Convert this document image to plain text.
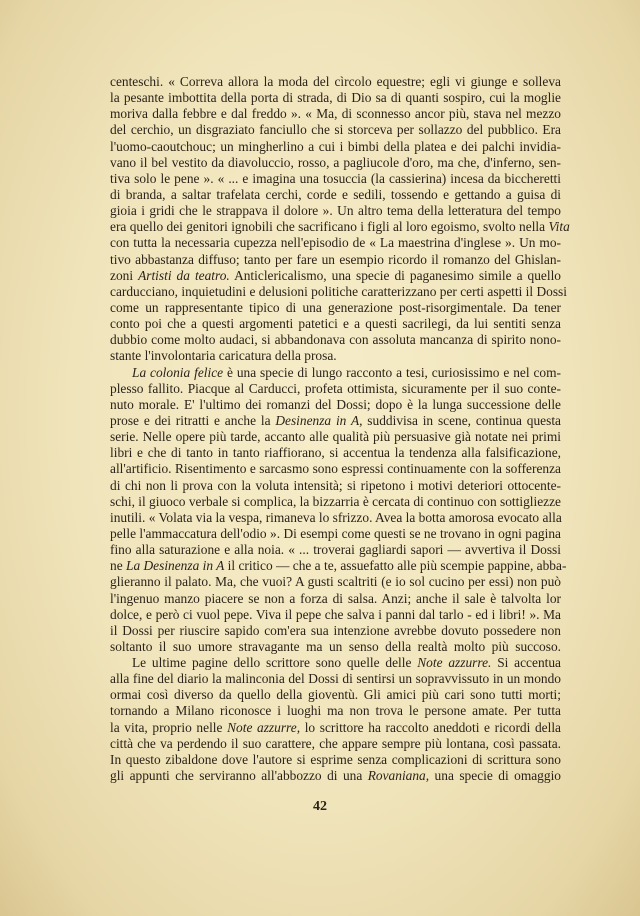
centeschi. « Correva allora la moda del cìrcolo equestre; egli vi giunge e solleva
la pesante imbottita della porta di strada, di Dio sa di quanti sospiro, cui la moglie
moriva dalla febbre e dal freddo ». « Ma, di sconnesso ancor più, stava nel mezzo
del cerchio, un disgraziato fanciullo che si storceva per sollazzo del pubblico. Era
l'uomo-caoutchouc; un mingherlino a cui i bimbi della platea e dei palchi invidia-
vano il bel vestito da diavoluccio, rosso, a pagliucole d'oro, ma che, d'inferno, sen-
tiva solo le pene ». « ... e imagina una tosuccia (la cassierina) incesa da biccheretti
di branda, a saltar trafelata cerchi, corde e sedili, tossendo e gettando a guisa di
gioia i gridi che le strappava il dolore ». Un altro tema della letteratura del tempo
era quello dei genitori ignobili che sacrificano i figli al loro egoismo, svolto nella Vita
con tutta la necessaria cupezza nell'episodio de « La maestrina d'inglese ». Un mo-
tivo abbastanza diffuso; tanto per fare un esempio ricordo il romanzo del Ghislan-
zoni Artisti da teatro. Anticlericalismo, una specie di paganesimo simile a quello
carducciano, inquietudini e delusioni politiche caratterizzano per certi aspetti il Dossi
come un rappresentante tipico di una generazione post-risorgimentale. Da tener
conto poi che a questi argomenti patetici e a questi sacrilegi, da lui sentiti senza
dubbio come molto audaci, si abbandonava con assoluta mancanza di spirito nono-
stante l'involontaria caricatura della prosa.
La colonia felice è una specie di lungo racconto a tesi, curiosissimo e nel com-
plesso fallito. Piacque al Carducci, profeta ottimista, sicuramente per il suo conte-
nuto morale. E' l'ultimo dei romanzi del Dossi; dopo è la lunga successione delle
prose e dei ritratti e anche la Desinenza in A, suddivisa in scene, continua questa
serie. Nelle opere più tarde, accanto alle qualità più persuasive già notate nei primi
libri e che di tanto in tanto riaffiorano, si accentua la tendenza alla falsificazione,
all'artificio. Risentimento e sarcasmo sono espressi continuamente con la sofferenza
di chi non li prova con la voluta intensità; si ripetono i motivi deteriori ottocente-
schi, il giuoco verbale si complica, la bizzarria è cercata di continuo con sottigliezze
inutili. « Volata via la vespa, rimaneva lo sfrizzo. Avea la botta amorosa evocato alla
pelle l'ammaccatura dell'odio ». Di esempi come questi se ne trovano in ogni pagina
fino alla saturazione e alla noia. « ... troverai gagliardi sapori — avvertiva il Dossi
ne La Desinenza in A il critico — che a te, assuefatto alle più scempie pappine, abba-
glieranno il palato. Ma, che vuoi? A gusti scaltriti (e io sol cucino per essi) non può
l'ingenuo manzo piacere se non a forza di salsa. Anzi; anche il sale è talvolta lor
dolce, e però ci vuol pepe. Viva il pepe che salva i panni dal tarlo - ed i libri! ». Ma
il Dossi per riuscire sapido com'era sua intenzione avrebbe dovuto possedere non
soltanto il suo umore stravagante ma un senso della realtà molto più succoso.
Le ultime pagine dello scrittore sono quelle delle Note azzurre. Si accentua
alla fine del diario la malinconia del Dossi di sentirsi un sopravvissuto in un mondo
ormai così diverso da quello della gioventù. Gli amici più cari sono tutti morti;
tornando a Milano riconosce i luoghi ma non trova le persone amate. Per tutta
la vita, proprio nelle Note azzurre, lo scrittore ha raccolto aneddoti e ricordi della
città che va perdendo il suo carattere, che appare sempre più lontana, così passata.
In questo zibaldone dove l'autore si esprime senza complicazioni di scrittura sono
gli appunti che serviranno all'abbozzo di una Rovaniana, una specie di omaggio
42
